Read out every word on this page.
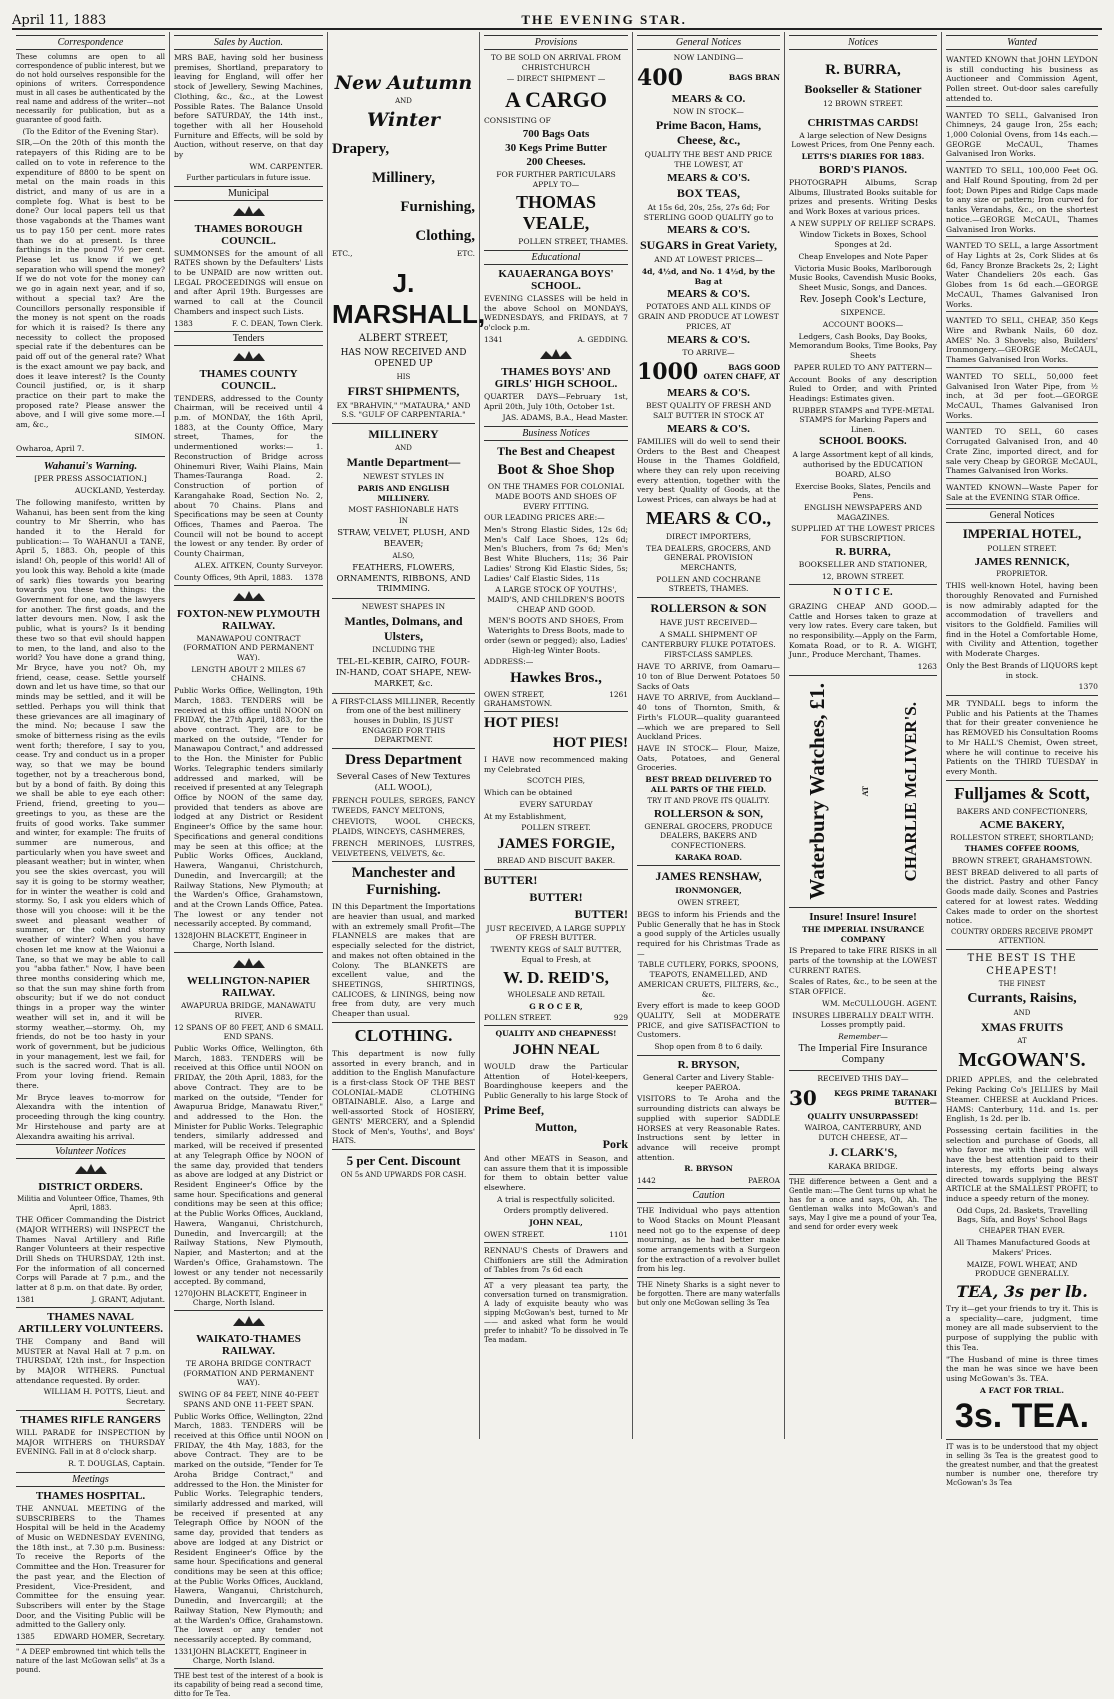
April 11, 1883	THE EVENING STAR.
Correspondence

These columns are open to all correspondence of public interest, but we do not hold ourselves responsible for the opinions of writers. Correspondence must in all cases be authenticated by the real name and address of the writer—not necessarily for publication, but as a guarantee of good faith.

(To the Editor of the Evening Star).

SIR,—On the 20th of this month the ratepayers of this Riding are to be called on to vote in reference to the expenditure of 8800 to be spent on metal on the main roads in this district, and many of us are in a complete fog. What is best to be done? Our local papers tell us that those vagabonds at the Thames want us to pay 150 per cent. more rates than we do at present. Is three farthings in the pound 7½ per cent. Please let us know if we get separation who will spend the money? If we do not vote for the money can we go in again next year, and if so, without a special tax? Are the Councillors personally responsible if the money is not spent on the roads for which it is raised? Is there any necessity to collect the proposed special rate if the debentures can be paid off out of the general rate? What is the exact amount we pay back, and does it leave interest? Is the County Council justified, or, is it sharp practice on their part to make the proposed rate? Please answer the above, and I will give some more.—I am, &c.,

SIMON.

Owharoa, April 7.

Wahanui's Warning.

[PER PRESS ASSOCIATION.]

AUCKLAND, Yesterday.

The following manifesto, written by Wahanui, has been sent from the king country to Mr Sherrin, who has handed it to the Herald for publication:— To WAHANUI a TANE, April 5, 1883. Oh, people of this island! Oh, people of this world! All of you look this way. Behold a kite (made of sark) flies towards you bearing towards you these two things: the Government for one, and the lawyers for another. The first goads, and the latter devours men. Now, I ask the public, what is yours? Is it bending these two so that evil should happen to men, to the land, and also to the world? You have done a grand thing, Mr Bryce, have you not? Oh, my friend, cease, cease. Settle yourself down and let us have time, so that our minds may be settled, and it will be settled. Perhaps you will think that these grievances are all imaginary of the mind. No; because I saw the smoke of bitterness rising as the evils went forth; therefore, I say to you, cease. Try and conduct us in a proper way, so that we may be bound together, not by a treacherous bond, but by a bond of faith. By doing this we shall be able to eye each other: Friend, friend, greeting to you—greetings to you, as these are the fruits of good works. Take summer and winter, for example: The fruits of summer are numerous, and particularly when you have sweet and pleasant weather; but in winter, when you see the skies overcast, you will say it is going to be stormy weather, for in winter the weather is cold and stormy. So, I ask you elders which of those will you choose: will it be the sweet and pleasant weather of summer, or the cold and stormy weather of winter? When you have chosen let me know at the Waionui a Tane, so that we may be able to call you "abba father." Now, I have been three months considering which me, so that the sun may shine forth from obscurity; but if we do not conduct things in a proper way the winter weather will set in, and it will be stormy weather,—stormy. Oh, my friends, do not be too hasty in your work of government, but be judicious in your management, lest we fail, for such is the sacred word. That is all. From your loving friend. Remain there.

Mr Bryce leaves to-morrow for Alexandra with the intention of proceeding through the king country. Mr Hirstehouse and party are at Alexandra awaiting his arrival.

Volunteer Notices
DISTRICT ORDERS.

Militia and Volunteer Office, Thames, 9th April, 1883.

THE Officer Commanding the District (MAJOR WITHERS) will INSPECT the Thames Naval Artillery and Rifle Ranger Volunteers at their respective Drill Sheds on THURSDAY, 12th inst. For the information of all concerned Corps will Parade at 7 p.m., and the latter at 8 p.m. on that date. By order,

1381	J. GRANT, Adjutant.
THAMES NAVAL ARTILLERY VOLUNTEERS.

THE Company and Band will MUSTER at Naval Hall at 7 p.m. on THURSDAY, 12th inst., for Inspection by MAJOR WITHERS. Punctual attendance requested. By order.

WILLIAM H. POTTS, Lieut. and Secretary.

THAMES RIFLE RANGERS

WILL PARADE for INSPECTION by MAJOR WITHERS on THURSDAY EVENING. Fall in at 8 o'clock sharp.

R. T. DOUGLAS, Captain.

Meetings
THAMES HOSPITAL.

THE ANNUAL MEETING of the SUBSCRIBERS to the Thames Hospital will be held in the Academy of Music on WEDNESDAY EVENING, the 18th inst., at 7.30 p.m. Business: To receive the Reports of the Committee and the Hon. Treasurer for the past year, and the Election of President, Vice-President, and Committee for the ensuing year. Subscribers will enter by the Stage Door, and the Visiting Public will be admitted to the Gallery only.

1385	EDWARD HOMER, Secretary.

" A DEEP embrowned tint which tells the nature of the last McGowan sells" at 3s a pound.

Sales by Auction.

MRS BAE, having sold her business premises, Shortland, preparatory to leaving for England, will offer her stock of Jewellery, Sewing Machines, Clothing, &c., &c., at the Lowest Possible Rates. The Balance Unsold before SATURDAY, the 14th inst., together with all her Household Furniture and Effects, will be sold by Auction, without reserve, on that day by

WM. CARPENTER.

Further particulars in future issue.

Municipal
THAMES BOROUGH COUNCIL.

SUMMONSES for the amount of all RATES shown by the Defaulters' Lists to be UNPAID are now written out. LEGAL PROCEEDINGS will ensue on and after April 19th. Burgesses are warned to call at the Council Chambers and inspect such Lists.

1383	F. C. DEAN, Town Clerk.
Tenders
THAMES COUNTY COUNCIL.

TENDERS, addressed to the County Chairman, will be received until 4 p.m. of MONDAY, the 16th April, 1883, at the County Office, Mary street, Thames, for the undermentioned works:— 1. Reconstruction of Bridge across Ohinemuri River, Waihi Plains, Main Thames-Tauranga Road. 2. Construction of portion of Karangahake Road, Section No. 2, about 70 Chains. Plans and Specifications may be seen at County Offices, Thames and Paeroa. The Council will not be bound to accept the lowest or any tender. By order of County Chairman,

ALEX. AITKEN, County Surveyor.

County Offices, 9th April, 1883. 1378
FOXTON-NEW PLYMOUTH RAILWAY.

MANAWAPOU CONTRACT (FORMATION AND PERMANENT WAY).

LENGTH ABOUT 2 MILES 67 CHAINS.

Public Works Office, Wellington, 19th March, 1883. TENDERS will be received at this office until NOON on FRIDAY, the 27th April, 1883, for the above contract. They are to be marked on the outside, "Tender for Manawapou Contract," and addressed to the Hon. the Minister for Public Works. Telegraphic tenders similarly addressed and marked, will be received if presented at any Telegraph Office by NOON of the same day, provided that tenders as above are lodged at any District or Resident Engineer's Office by the same hour. Specifications and general conditions may be seen at this office; at the Public Works Offices, Auckland, Hawera, Wanganui, Christchurch, Dunedin, and Invercargill; at the Railway Stations, New Plymouth; at the Warden's Office, Grahamstown, and at the Crown Lands Office, Patea. The lowest or any tender not necessarily accepted. By command,

1328 JOHN BLACKETT, Engineer in Charge, North Island.
WELLINGTON-NAPIER RAILWAY.

AWAPURUA BRIDGE, MANAWATU RIVER.

12 SPANS OF 80 FEET, AND 6 SMALL END SPANS.

Public Works Office, Wellington, 6th March, 1883. TENDERS will be received at this Office until NOON on FRIDAY, the 20th April, 1883, for the above Contract. They are to be marked on the outside, "Tender for Awapurua Bridge, Manawatu River," and addressed to the Hon. the Minister for Public Works. Telegraphic tenders, similarly addressed and marked, will be received if presented at any Telegraph Office by NOON of the same day, provided that tenders as above are lodged at any District or Resident Engineer's Office by the same hour. Specifications and general conditions may be seen at this office; at the Public Works Offices, Auckland, Hawera, Wanganui, Christchurch, Dunedin, and Invercargill; at the Railway Stations, New Plymouth, Napier, and Masterton; and at the Warden's Office, Grahamstown. The lowest or any tender not necessarily accepted. By command,

1270 JOHN BLACKETT, Engineer in Charge, North Island.
WAIKATO-THAMES RAILWAY.

TE AROHA BRIDGE CONTRACT (FORMATION AND PERMANENT WAY).

SWING OF 84 FEET, NINE 40-FEET SPANS AND ONE 11-FEET SPAN.

Public Works Office, Wellington, 22nd March, 1883. TENDERS will be received at this Office until NOON on FRIDAY, the 4th May, 1883, for the above Contract. They are to be marked on the outside, "Tender for Te Aroha Bridge Contract," and addressed to the Hon. the Minister for Public Works. Telegraphic tenders, similarly addressed and marked, will be received if presented at any Telegraph Office by NOON of the same day, provided that tenders as above are lodged at any District or Resident Engineer's Office by the same hour. Specifications and general conditions may be seen at this office; at the Public Works Offices, Auckland, Hawera, Wanganui, Christchurch, Dunedin, and Invercargill; at the Railway Station, New Plymouth; and at the Warden's Office, Grahamstown. The lowest or any tender not necessarily accepted. By command,

1331 JOHN BLACKETT, Engineer in Charge, North Island.

THE best test of the interest of a book is its capability of being read a second time, ditto for Te Tea.

New Autumn

AND

Winter
Drapery,
Millinery,
Furnishing,
Clothing,
ETC.,	ETC.
J. MARSHALL,

ALBERT STREET,

HAS NOW RECEIVED AND OPENED UP

HIS

FIRST SHIPMENTS,

EX "BRAHVIN," "MATAURA," AND S.S. "GULF OF CARPENTARIA."

MILLINERY

AND

Mantle Department—

NEWEST STYLES IN

PARIS AND ENGLISH MILLINERY.

MOST FASHIONABLE HATS

IN

STRAW, VELVET, PLUSH, AND BEAVER;

ALSO,

FEATHERS, FLOWERS, ORNAMENTS, RIBBONS, AND TRIMMING.

NEWEST SHAPES IN

Mantles, Dolmans, and Ulsters,

INCLUDING THE

TEL-EL-KEBIR, CAIRO, FOUR-IN-HAND, COAT SHAPE, NEW-MARKET, &c.

A FIRST-CLASS MILLINER, Recently from one of the best millinery houses in Dublin, IS JUST ENGAGED FOR THIS DEPARTMENT.

Dress Department

Several Cases of New Textures (ALL WOOL),

FRENCH FOULES, SERGES, FANCY TWEEDS, FANCY MELTONS,

CHEVIOTS, WOOL CHECKS, PLAIDS, WINCEYS, CASHMERES,

FRENCH MERINOES, LUSTRES, VELVETEENS, VELVETS, &c.

Manchester and Furnishing.

IN this Department the Importations are heavier than usual, and marked with an extremely small Profit—The FLANNELS are makes that are especially selected for the district, and makes not often obtained in the Colony. The BLANKETS are excellent value, and the SHEETINGS, SHIRTINGS, CALICOES, & LININGS, being now free from duty, are very much Cheaper than usual.

CLOTHING.

This department is now fully assorted in every branch, and in addition to the English Manufacture is a first-class Stock OF THE BEST COLONIAL-MADE CLOTHING OBTAINABLE. Also, a Large and well-assorted Stock of HOSIERY, GENTS' MERCERY, and a Splendid Stock of Men's, Youths', and Boys' HATS.

5 per Cent. Discount

ON 5s AND UPWARDS FOR CASH.

Provisions

TO BE SOLD ON ARRIVAL FROM CHRISTCHURCH

— DIRECT SHIPMENT —

A CARGO

CONSISTING OF

700 Bags Oats
30 Kegs Prime Butter
200 Cheeses.

FOR FURTHER PARTICULARS APPLY TO—

THOMAS VEALE,

POLLEN STREET, THAMES.

Educational
KAUAERANGA BOYS' SCHOOL.

EVENING CLASSES will be held in the above School on MONDAYS, WEDNESDAYS, and FRIDAYS, at 7 o'clock p.m.

1341	A. GEDDING.
THAMES BOYS' AND GIRLS' HIGH SCHOOL.

QUARTER DAYS—February 1st, April 20th, July 10th, October 1st.

JAS. ADAMS, B.A., Head Master.

Business Notices
The Best and Cheapest
Boot & Shoe Shop

ON THE THAMES FOR COLONIAL MADE BOOTS AND SHOES OF EVERY FITTING.

OUR LEADING PRICES ARE:—

Men's Strong Elastic Sides, 12s 6d; Men's Calf Lace Shoes, 12s 6d; Men's Bluchers, from 7s 6d; Men's Best White Bluchers, 11s; 36 Pair Ladies' Strong Kid Elastic Sides, 5s; Ladies' Calf Elastic Sides, 11s

A LARGE STOCK OF YOUTHS', MAID'S, AND CHILDREN'S BOOTS CHEAP AND GOOD.

MEN'S BOOTS AND SHOES, From Waterights to Dress Boots, made to order (sewn or pegged); also, Ladies' High-leg Winter Boots.

ADDRESS:—

Hawkes Bros.,
OWEN STREET, GRAHAMSTOWN.
1261
HOT PIES!
HOT PIES!

I HAVE now recommenced making my Celebrated

SCOTCH PIES,

Which can be obtained

EVERY SATURDAY

At my Establishment,

POLLEN STREET.

JAMES FORGIE,

BREAD AND BISCUIT BAKER.

BUTTER!
BUTTER!
BUTTER!

JUST RECEIVED, A LARGE SUPPLY OF FRESH BUTTER.

TWENTY KEGS of SALT BUTTER, Equal to Fresh, at

W. D. REID'S,

WHOLESALE AND RETAIL

G R O C E R,

POLLEN STREET.	929

QUALITY AND CHEAPNESS!

JOHN NEAL

WOULD draw the Particular Attention of Hotel-keepers, Boardinghouse keepers and the Public Generally to his large Stock of

Prime Beef,
Mutton,
Pork

And other MEATS in Season, and can assure them that it is impossible for them to obtain better value elsewhere.

A trial is respectfully solicited.

Orders promptly delivered.

JOHN NEAL,

OWEN STREET.	1101

RENNAU'S Chests of Drawers and Chiffoniers are still the Admiration of Tables from 7s 6d each

AT a very pleasant tea party, the conversation turned on transmigration. A lady of exquisite beauty who was sipping McGowan's best, turned to Mr —— and asked what form he would prefer to inhabit? 'To be dissolved in Te Tea madam.

General Notices

NOW LANDING—

400	BAGS BRAN
MEARS & CO.

NOW IN STOCK—

Prime Bacon, Hams, Cheese, &c.,

QUALITY THE BEST AND PRICE THE LOWEST, AT

MEARS & CO'S.
BOX TEAS,

At 15s 6d, 20s, 25s, 27s 6d; For STERLING GOOD QUALITY go to

MEARS & CO'S.
SUGARS in Great Variety,

AND AT LOWEST PRICES—

4d, 4½d, and No. 1 4½d, by the Bag at

MEARS & CO'S.

POTATOES AND ALL KINDS OF GRAIN AND PRODUCE AT LOWEST PRICES, AT

MEARS & CO'S.

TO ARRIVE—

1000	BAGS GOOD OATEN CHAFF, AT
MEARS & CO'S.

BEST QUALITY OF FRESH AND SALT BUTTER IN STOCK AT

MEARS & CO'S.

FAMILIES will do well to send their Orders to the Best and Cheapest House in the Thames Goldfield, where they can rely upon receiving every attention, together with the very best Quality of Goods, at the Lowest Prices, can always be had at

MEARS & CO.,

DIRECT IMPORTERS,

TEA DEALERS, GROCERS, AND GENERAL PROVISION MERCHANTS,

POLLEN AND COCHRANE STREETS, THAMES.

ROLLERSON & SON

HAVE JUST RECEIVED—

A SMALL SHIPMENT OF CANTERBURY FLUKE POTATOES.

FIRST-CLASS SAMPLES.

HAVE TO ARRIVE, from Oamaru— 10 ton of Blue Derwent Potatoes 50 Sacks of Oats

HAVE TO ARRIVE, from Auckland— 40 tons of Thornton, Smith, & Firth's FLOUR—quality guaranteed—which we are prepared to Sell Auckland Prices.

HAVE IN STOCK— Flour, Maize, Oats, Potatoes, and General Groceries.

BEST BREAD DELIVERED TO ALL PARTS OF THE FIELD.

TRY IT AND PROVE ITS QUALITY.

ROLLERSON & SON,

GENERAL GROCERS, PRODUCE DEALERS, BAKERS AND CONFECTIONERS.

KARAKA ROAD.

JAMES RENSHAW,

IRONMONGER,

OWEN STREET,

BEGS to inform his Friends and the Public Generally that he has in Stock a good supply of the Articles usually required for his Christmas Trade as—

TABLE CUTLERY, FORKS, SPOONS, TEAPOTS, ENAMELLED, AND AMERICAN CRUETS, FILTERS, &c., &c.

Every effort is made to keep GOOD QUALITY, Sell at MODERATE PRICE, and give SATISFACTION to Customers.

Shop open from 8 to 6 daily.

R. BRYSON,

General Carter and Livery Stable-keeper PAEROA.

VISITORS to Te Aroha and the surrounding districts can always be supplied with superior SADDLE HORSES at very Reasonable Rates. Instructions sent by letter in advance will receive prompt attention.

R. BRYSON

1442	PAEROA
Caution

THE Individual who pays attention to Wood Stacks on Mount Pleasant need not go to the expense of deep mourning, as he had better make some arrangements with a Surgeon for the extraction of a revolver bullet from his leg.

THE Ninety Sharks is a sight never to be forgotten. There are many waterfalls but only one McGowan selling 3s Tea

Notices
R. BURRA,
Bookseller & Stationer

12 BROWN STREET.

CHRISTMAS CARDS!

A large selection of New Designs Lowest Prices, from One Penny each.

LETTS'S DIARIES FOR 1883.

BORD'S PIANOS.

PHOTOGRAPH Albums, Scrap Albums, Illustrated Books suitable for prizes and presents. Writing Desks and Work Boxes at various prices.

A NEW SUPPLY OF RELIEF SCRAPS.

Window Tickets in Boxes, School Sponges at 2d.

Cheap Envelopes and Note Paper

Victoria Music Books, Marlborough Music Books, Cavendish Music Books, Sheet Music, Songs, and Dances.

Rev. Joseph Cook's Lecture,

SIXPENCE.

ACCOUNT BOOKS—

Ledgers, Cash Books, Day Books, Memorandum Books, Time Books, Pay Sheets

PAPER RULED TO ANY PATTERN—

Account Books of any description Ruled to Order, and with Printed Headings: Estimates given.

RUBBER STAMPS and TYPE-METAL STAMPS for Marking Papers and Linen.

SCHOOL BOOKS.

A large Assortment kept of all kinds, authorised by the EDUCATION BOARD, ALSO

Exercise Books, Slates, Pencils and Pens.

ENGLISH NEWSPAPERS AND MAGAZINES.

SUPPLIED AT THE LOWEST PRICES FOR SUBSCRIPTION.

R. BURRA,

BOOKSELLER AND STATIONER,

12, BROWN STREET.

N O T I C E.

GRAZING CHEAP AND GOOD.— Cattle and Horses taken to graze at very low rates. Every care taken, but no responsibility.—Apply on the Farm, Komata Road, or to R. A. WIGHT, Junr., Produce Merchant, Thames.

1263

Waterbury Watches, £1.	AT CHARLIE McLIVER'S.
Insure! Insure! Insure!

THE IMPERIAL INSURANCE COMPANY

IS Prepared to take FIRE RISKS in all parts of the township at the LOWEST CURRENT RATES.

Scales of Rates, &c., to be seen at the STAR OFFICE.

WM. McCULLOUGH. AGENT.

INSURES LIBERALLY DEALT WITH. Losses promptly paid.

Remember—

The Imperial Fire Insurance Company

RECEIVED THIS DAY—

30	KEGS PRIME TARANAKI BUTTER—

QUALITY UNSURPASSED!

WAIROA, CANTERBURY, AND DUTCH CHEESE, AT—

J. CLARK'S,

KARAKA BRIDGE.

THE difference between a Gent and a Gentle man:—The Gent turns up what he has for a once and says, Oh, Ah. The Gentleman walks into McGowan's and says, May I give me a pound of your Tea, and send for order every week

Wanted

WANTED KNOWN that JOHN LEYDON is still conducting his business as Auctioneer and Commission Agent, Pollen street. Out-door sales carefully attended to.

WANTED TO SELL, Galvanised Iron Chimneys, 24 gauge Iron, 25s each; 1,000 Colonial Ovens, from 14s each.—GEORGE McCAUL, Thames Galvanised Iron Works.

WANTED TO SELL, 100,000 Feet OG. and Half Round Spouting, from 2d per foot; Down Pipes and Ridge Caps made to any size or pattern; Iron curved for tanks Verandahs, &c., on the shortest notice.—GEORGE McCAUL, Thames Galvanised Iron Works.

WANTED TO SELL, a large Assortment of Hay Lights at 2s, Cork Slides at 6s 6d, Fancy Bronze Brackets 2s, 2; Light Water Chandeliers 20s each. Gas Globes from 1s 6d each.—GEORGE McCAUL, Thames Galvanised Iron Works.

WANTED TO SELL, CHEAP, 350 Kegs Wire and Rwbank Nails, 60 doz. AMES' No. 3 Shovels; also, Builders' Ironmongery.—GEORGE McCAUL, Thames Galvanised Iron Works.

WANTED TO SELL, 50,000 feet Galvanised Iron Water Pipe, from ½ inch, at 3d per foot.—GEORGE McCAUL, Thames Galvanised Iron Works.

WANTED TO SELL, 60 cases Corrugated Galvanised Iron, and 40 Crate Zinc, imported direct, and for sale very Cheap by GEORGE McCAUL, Thames Galvanised Iron Works.

WANTED KNOWN—Waste Paper for Sale at the EVENING STAR Office.

General Notices
IMPERIAL HOTEL,

POLLEN STREET.

JAMES RENNICK,

PROPRIETOR.

THIS well-known Hotel, having been thoroughly Renovated and Furnished is now admirably adapted for the accommodation of travellers and visitors to the Goldfield. Families will find in the Hotel a Comfortable Home, with Civility and Attention, together with Moderate Charges.

Only the Best Brands of LIQUORS kept in stock.

1370

MR TYNDALL begs to inform the Public and his Patients at the Thames that for their greater convenience he has REMOVED his Consultation Rooms to Mr HALL'S Chemist, Owen street, where he will continue to receive his Patients on the THIRD TUESDAY in every Month.

Fulljames & Scott,

BAKERS AND CONFECTIONERS,

ACME BAKERY,

ROLLESTON STREET, SHORTLAND;

THAMES COFFEE ROOMS,

BROWN STREET, GRAHAMSTOWN.

BEST BREAD delivered to all parts of the district. Pastry and other Fancy Goods made daily. Scones and Pastries catered for at lowest rates. Wedding Cakes made to order on the shortest notice.

COUNTRY ORDERS RECEIVE PROMPT ATTENTION.

THE BEST IS THE CHEAPEST!

THE FINEST

Currants, Raisins,

AND

XMAS FRUITS

AT

McGOWAN'S.

DRIED APPLES, and the celebrated Peking Packing Co's JELLIES by Mail Steamer. CHEESE at Auckland Prices. HAMS: Canterbury, 11d. and 1s. per English, 1s 2d. per lb.

Possessing certain facilities in the selection and purchase of Goods, all who favor me with their orders will have the best attention paid to their interests, my efforts being always directed towards supplying the BEST ARTICLE at the SMALLEST PROFIT, to induce a speedy return of the money.

Odd Cups, 2d. Baskets, Travelling Bags, Sifa, and Boys' School Bags

CHEAPER THAN EVER.

All Thames Manufactured Goods at Makers' Prices.

MAIZE, FOWL WHEAT, AND PRODUCE GENERALLY.

TEA, 3s per lb.

Try it—get your friends to try it. This is a speciality—care, judgment, time money are all made subservient to the purpose of supplying the public with this Tea.

"The Husband of mine is three times the man he was since we have been using McGowan's 3s. TEA.

A FACT FOR TRIAL.

3s. TEA.

IT was is to be understood that my object in selling 3s Tea is the greatest good to the greatest number, and that the greatest number is number one, therefore try McGowan's 3s Tea
